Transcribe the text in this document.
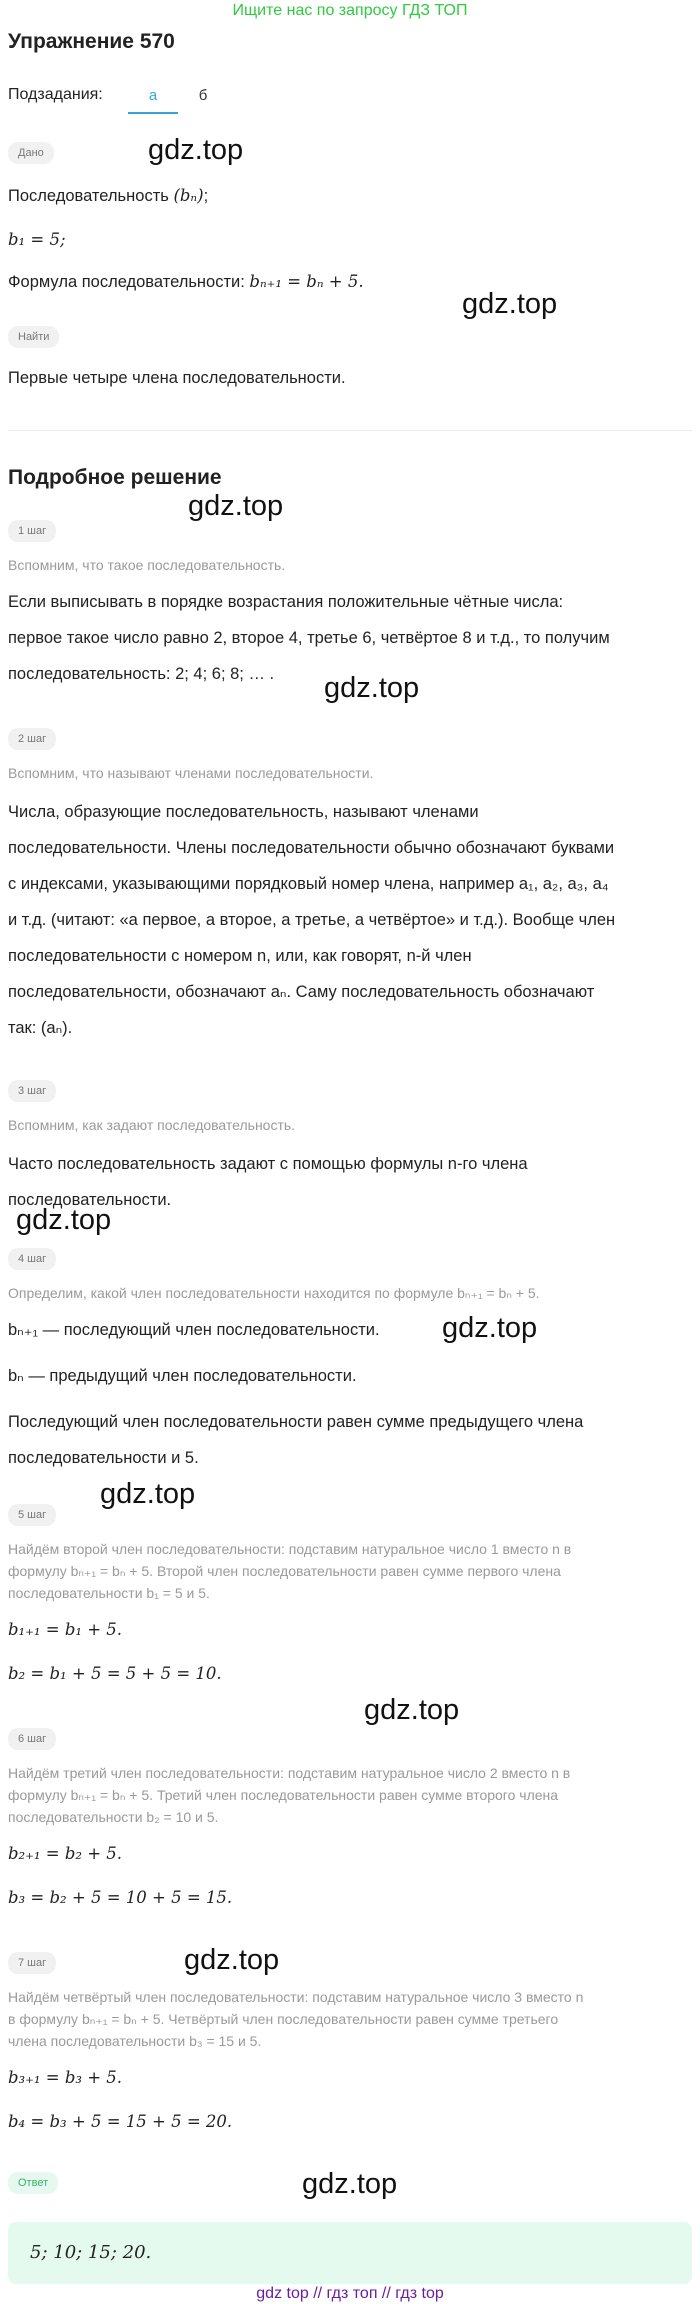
Ищите нас по запросу ГДЗ ТОП
Упражнение 570
Подзадания:	а	б
Дано	gdz.top
Последовательность (bₙ);
b₁ = 5;
Формула последовательности: bₙ₊₁ = bₙ + 5.
gdz.top
Найти
Первые четыре члена последовательности.
Подробное решение
gdz.top
1 шаг
Вспомним, что такое последовательность.
Если выписывать в порядке возрастания положительные чётные числа:
первое такое число равно 2, второе 4, третье 6, четвёртое 8 и т.д., то получим
последовательность: 2; 4; 6; 8; … .	gdz.top
2 шаг
Вспомним, что называют членами последовательности.
Числа, образующие последовательность, называют членами
последовательности. Члены последовательности обычно обозначают буквами
с индексами, указывающими порядковый номер члена, например a₁, a₂, a₃, a₄
и т.д. (читают: «a первое, a второе, a третье, a четвёртое» и т.д.). Вообще член
последовательности с номером n, или, как говорят, n-й член
последовательности, обозначают aₙ. Саму последовательность обозначают
так: (aₙ).
3 шаг
Вспомним, как задают последовательность.
Часто последовательность задают с помощью формулы n-го члена
последовательности.
gdz.top
4 шаг
Определим, какой член последовательности находится по формуле bₙ₊₁ = bₙ + 5.
bₙ₊₁ — последующий член последовательности.	gdz.top
bₙ — предыдущий член последовательности.
Последующий член последовательности равен сумме предыдущего члена
последовательности и 5.
gdz.top
5 шаг
Найдём второй член последовательности: подставим натуральное число 1 вместо n в
формулу bₙ₊₁ = bₙ + 5. Второй член последовательности равен сумме первого члена
последовательности b₁ = 5 и 5.
b₁₊₁ = b₁ + 5.
b₂ = b₁ + 5 = 5 + 5 = 10.
gdz.top
6 шаг
Найдём третий член последовательности: подставим натуральное число 2 вместо n в
формулу bₙ₊₁ = bₙ + 5. Третий член последовательности равен сумме второго члена
последовательности b₂ = 10 и 5.
b₂₊₁ = b₂ + 5.
b₃ = b₂ + 5 = 10 + 5 = 15.
gdz.top
7 шаг
Найдём четвёртый член последовательности: подставим натуральное число 3 вместо n
в формулу bₙ₊₁ = bₙ + 5. Четвёртый член последовательности равен сумме третьего
члена последовательности b₃ = 15 и 5.
b₃₊₁ = b₃ + 5.
b₄ = b₃ + 5 = 15 + 5 = 20.
Ответ	gdz.top
5; 10; 15; 20.
gdz top // гдз топ // гдз top
